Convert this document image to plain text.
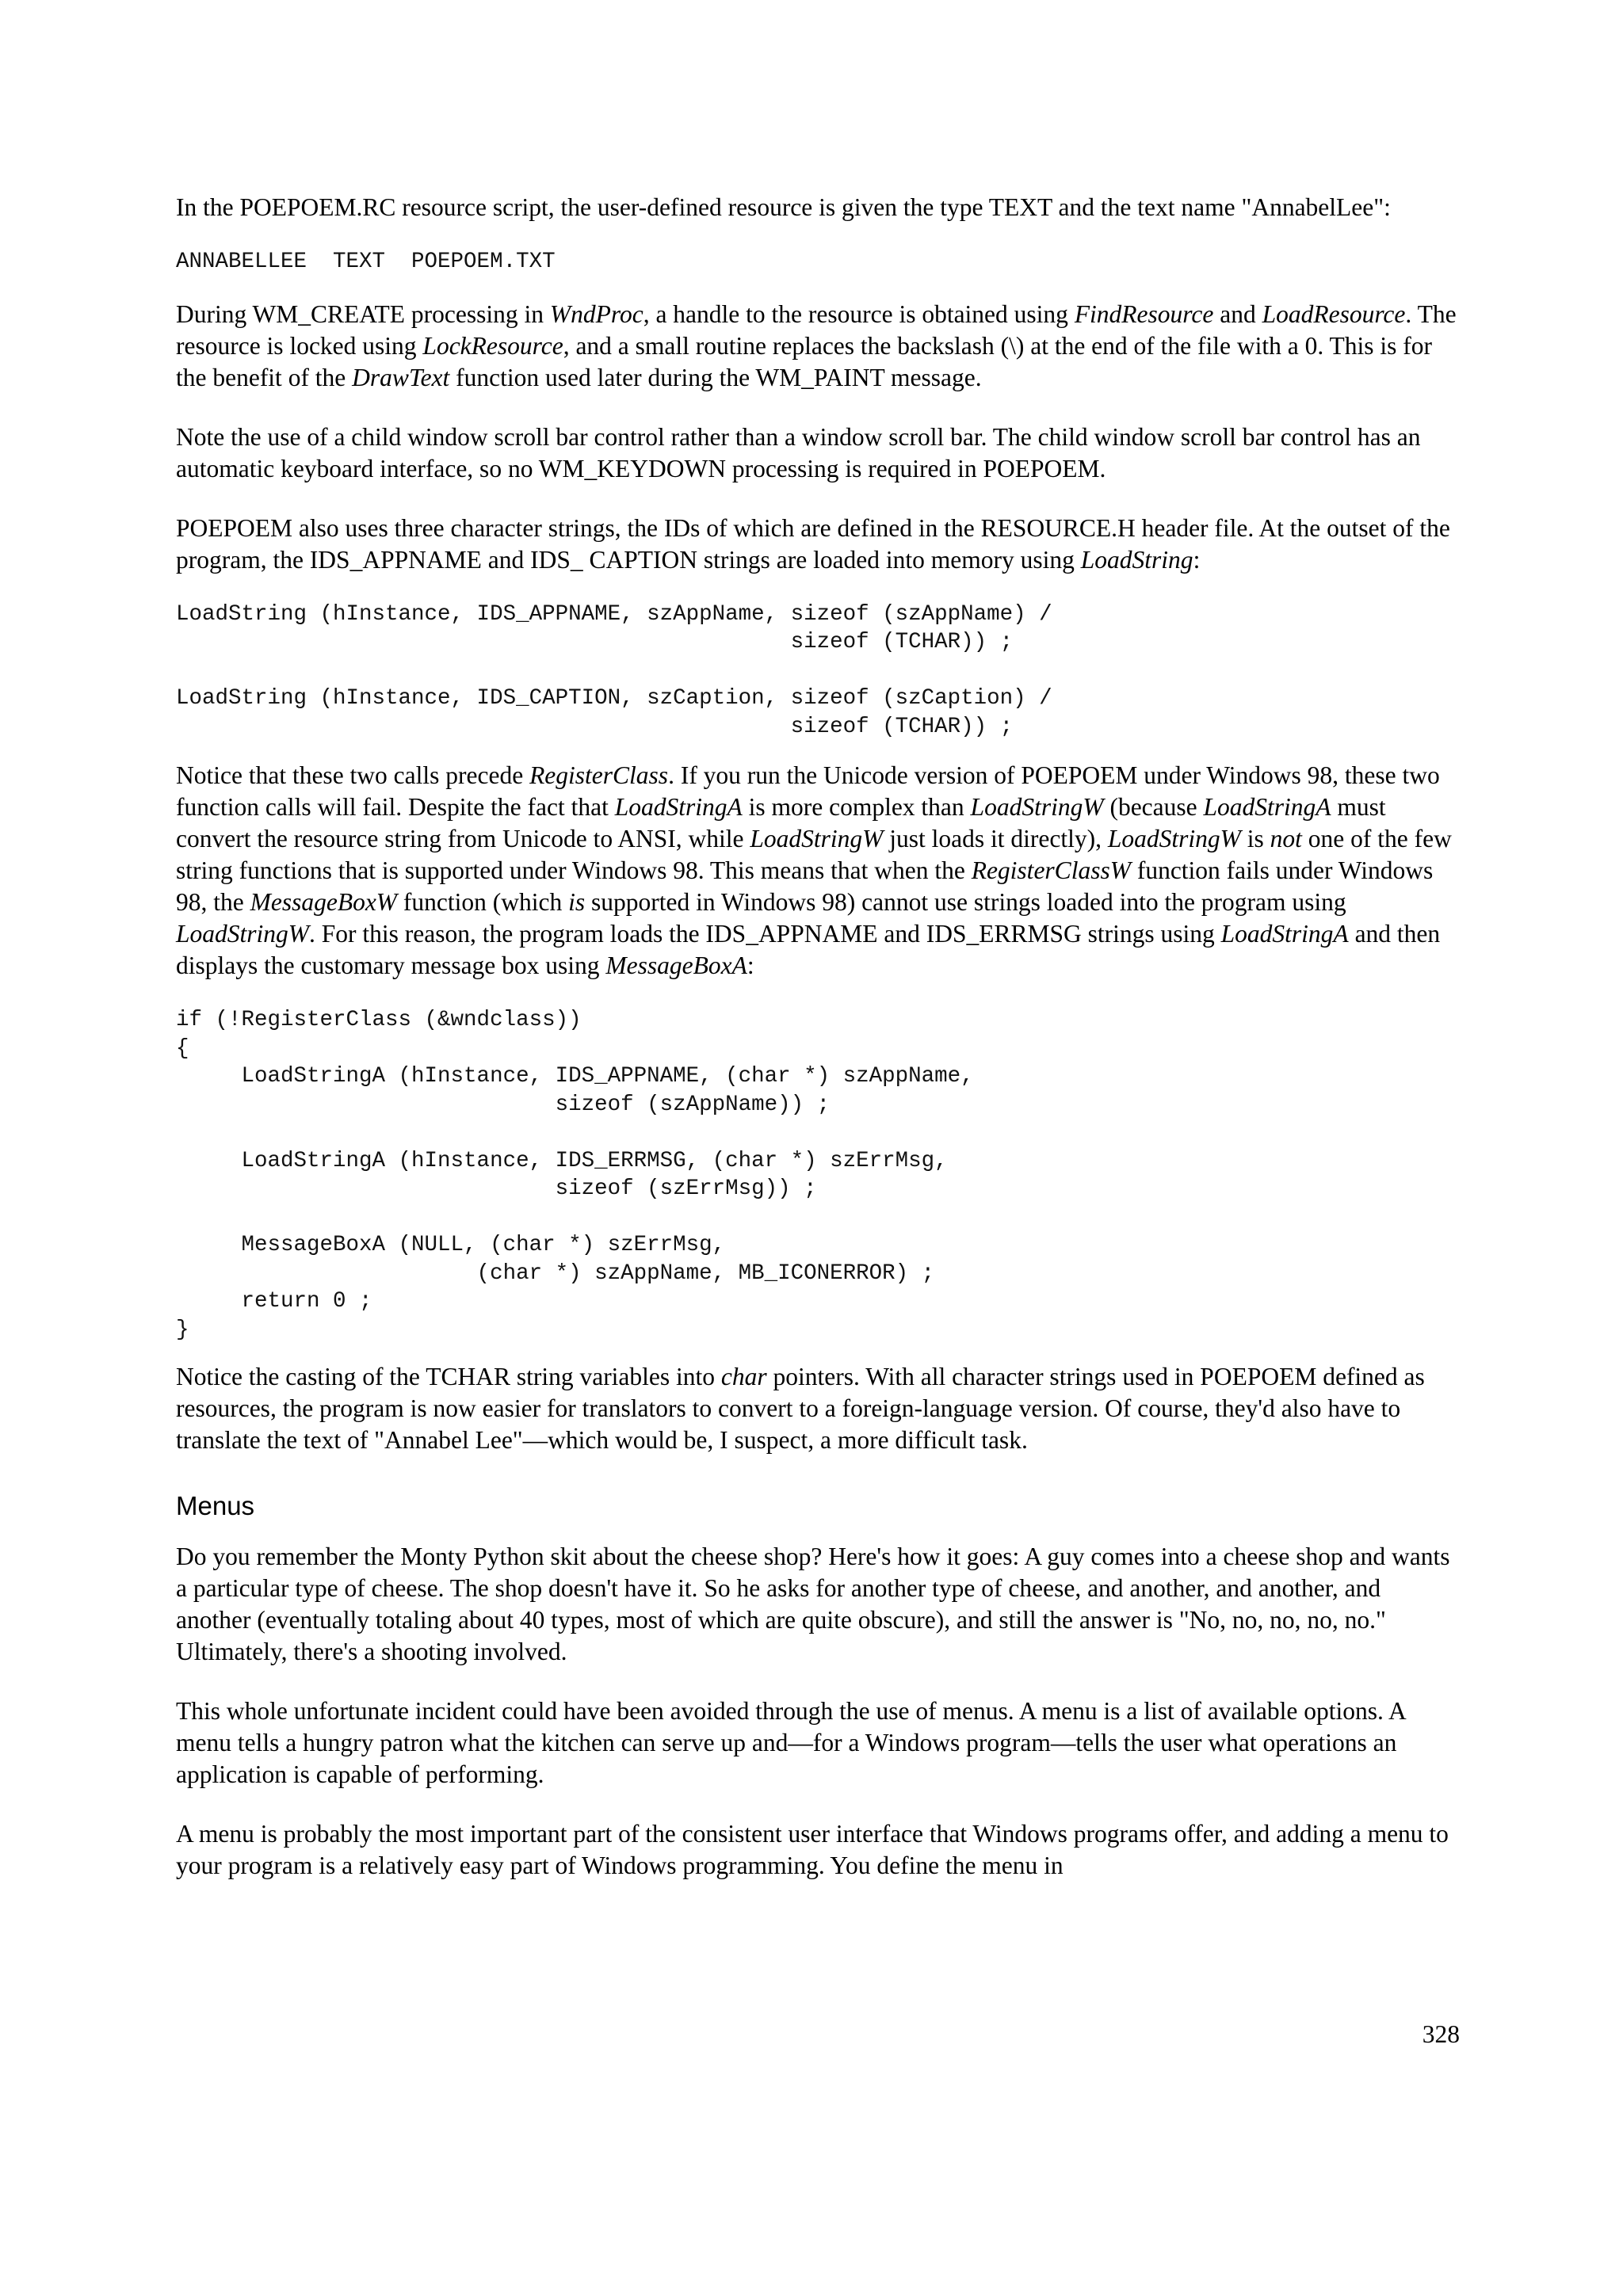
In the POEPOEM.RC resource script, the user-defined resource is given the type TEXT and the text name "AnnabelLee":

ANNABELLEE  TEXT  POEPOEM.TXT

During WM_CREATE processing in WndProc, a handle to the resource is obtained using FindResource and LoadResource. The resource is locked using LockResource, and a small routine replaces the backslash (\) at the end of the file with a 0. This is for the benefit of the DrawText function used later during the WM_PAINT message.

Note the use of a child window scroll bar control rather than a window scroll bar. The child window scroll bar control has an automatic keyboard interface, so no WM_KEYDOWN processing is required in POEPOEM.

POEPOEM also uses three character strings, the IDs of which are defined in the RESOURCE.H header file. At the outset of the program, the IDS_APPNAME and IDS_ CAPTION strings are loaded into memory using LoadString:

LoadString (hInstance, IDS_APPNAME, szAppName, sizeof (szAppName) /
sizeof (TCHAR)) ;

LoadString (hInstance, IDS_CAPTION, szCaption, sizeof (szCaption) /
sizeof (TCHAR)) ;

Notice that these two calls precede RegisterClass. If you run the Unicode version of POEPOEM under Windows 98, these two function calls will fail. Despite the fact that LoadStringA is more complex than LoadStringW (because LoadStringA must convert the resource string from Unicode to ANSI, while LoadStringW just loads it directly), LoadStringW is not one of the few string functions that is supported under Windows 98. This means that when the RegisterClassW function fails under Windows 98, the MessageBoxW function (which is supported in Windows 98) cannot use strings loaded into the program using LoadStringW. For this reason, the program loads the IDS_APPNAME and IDS_ERRMSG strings using LoadStringA and then displays the customary message box using MessageBoxA:

if (!RegisterClass (&wndclass))
{
LoadStringA (hInstance, IDS_APPNAME, (char *) szAppName,
sizeof (szAppName)) ;

LoadStringA (hInstance, IDS_ERRMSG, (char *) szErrMsg,
sizeof (szErrMsg)) ;

MessageBoxA (NULL, (char *) szErrMsg,
(char *) szAppName, MB_ICONERROR) ;
return 0 ;
}

Notice the casting of the TCHAR string variables into char pointers. With all character strings used in POEPOEM defined as resources, the program is now easier for translators to convert to a foreign-language version. Of course, they'd also have to translate the text of "Annabel Lee"—which would be, I suspect, a more difficult task.

Menus

Do you remember the Monty Python skit about the cheese shop? Here's how it goes: A guy comes into a cheese shop and wants a particular type of cheese. The shop doesn't have it. So he asks for another type of cheese, and another, and another, and another (eventually totaling about 40 types, most of which are quite obscure), and still the answer is "No, no, no, no, no." Ultimately, there's a shooting involved.

This whole unfortunate incident could have been avoided through the use of menus. A menu is a list of available options. A menu tells a hungry patron what the kitchen can serve up and—for a Windows program—tells the user what operations an application is capable of performing.

A menu is probably the most important part of the consistent user interface that Windows programs offer, and adding a menu to your program is a relatively easy part of Windows programming. You define the menu in

328
